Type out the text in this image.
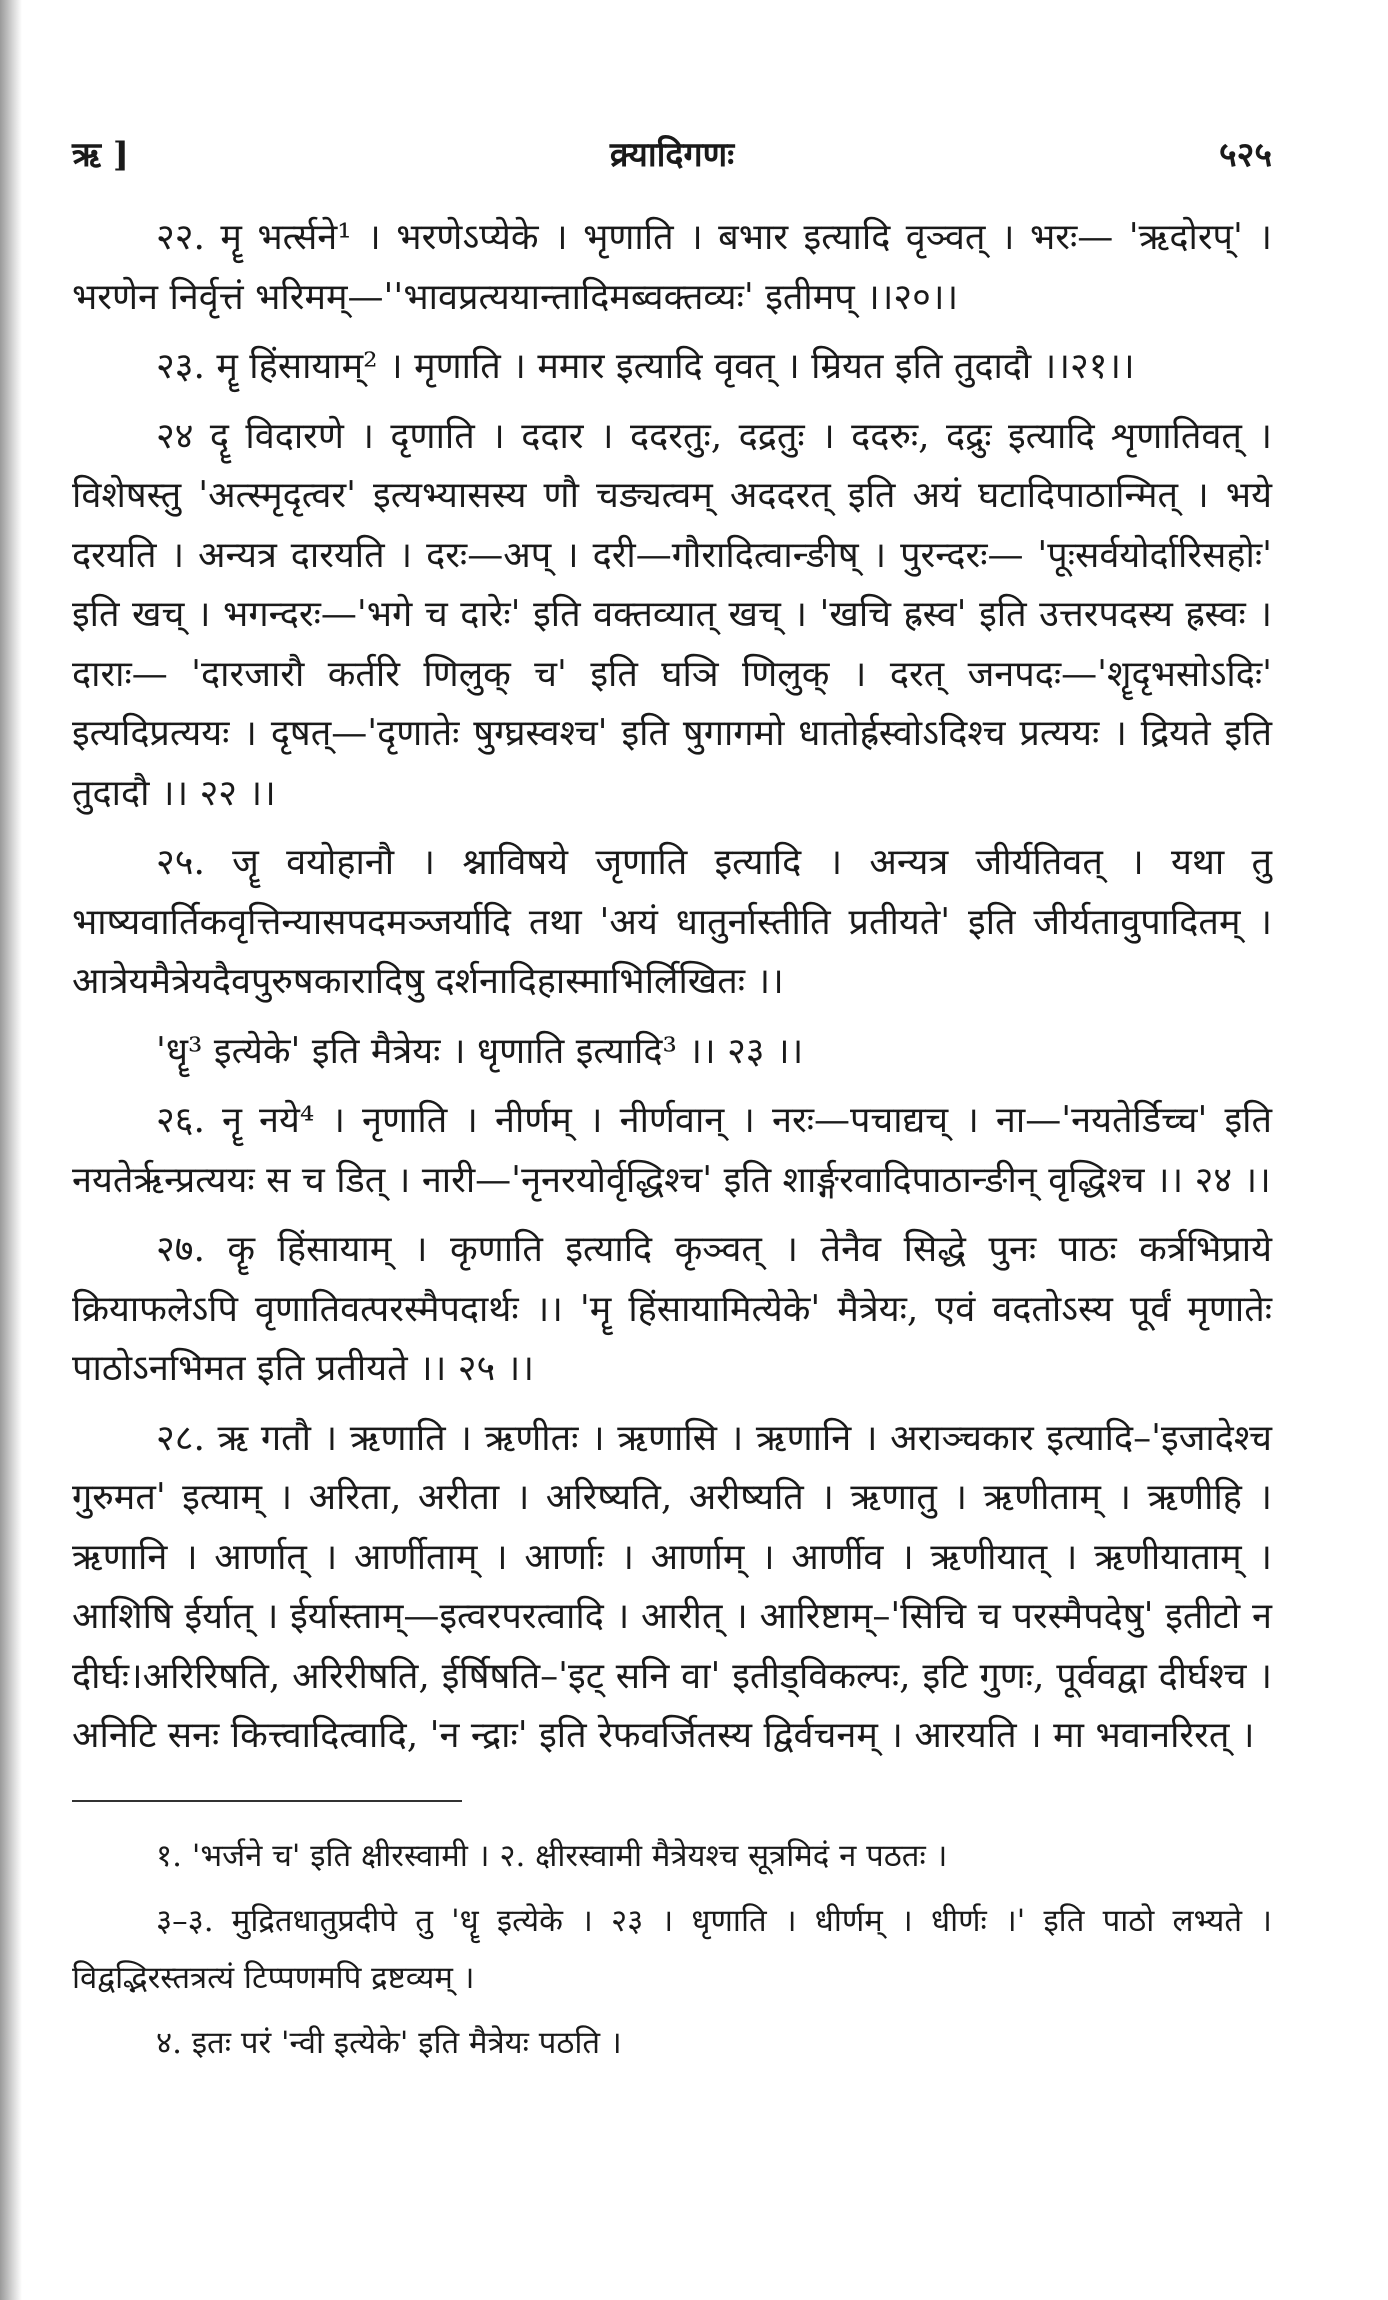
ऋ ]	क्र्यादिगणः	५२५

२२. मॄ भर्त्सने¹ । भरणेऽप्येके । भृणाति । बभार इत्यादि वृञ्वत् । भरः— 'ऋदोरप्' । भरणेन निर्वृत्तं भरिमम्—''भावप्रत्ययान्तादिमब्वक्तव्यः' इतीमप् ।।२०।।

२३. मॄ हिंसायाम्² । मृणाति । ममार इत्यादि वृवत् । म्रियत इति तुदादौ ।।२१।।

२४ दॄ विदारणे । दृणाति । ददार । ददरतुः, दद्रतुः । ददरुः, दद्रुः इत्यादि शृणातिवत् । विशेषस्तु 'अत्स्मृदृत्वर' इत्यभ्यासस्य णौ चङ्यत्वम् अददरत् इति अयं घटादिपाठान्मित् । भये दरयति । अन्यत्र दारयति । दरः—अप् । दरी—गौरादित्वान्ङीष् । पुरन्दरः— 'पूःसर्वयोर्दारिसहोः' इति खच् । भगन्दरः—'भगे च दारेः' इति वक्तव्यात् खच् । 'खचि ह्रस्व' इति उत्तरपदस्य ह्रस्वः । दाराः— 'दारजारौ कर्तरि णिलुक् च' इति घञि णिलुक् । दरत् जनपदः—'शॄदृभसोऽदिः' इत्यदिप्रत्ययः । दृषत्—'दृणातेः षुग्घ्रस्वश्च' इति षुगागमो धातोर्ह्रस्वोऽदिश्च प्रत्ययः । द्रियते इति तुदादौ ।। २२ ।।

२५. जॄ वयोहानौ । श्नाविषये जृणाति इत्यादि । अन्यत्र जीर्यतिवत् । यथा तु भाष्यवार्तिकवृत्तिन्यासपदमञ्जर्यादि तथा 'अयं धातुर्नास्तीति प्रतीयते' इति जीर्यतावुपादितम् । आत्रेयमैत्रेयदैवपुरुषकारादिषु दर्शनादिहास्माभिर्लिखितः ।।

'धॄ³ इत्येके' इति मैत्रेयः । धृणाति इत्यादि³ ।। २३ ।।

२६. नॄ नये⁴ । नृणाति । नीर्णम् । नीर्णवान् । नरः—पचाद्यच् । ना—'नयतेर्डिच्च' इति नयतेर्ऋन्प्रत्ययः स च डित् । नारी—'नृनरयोर्वृद्धिश्च' इति शार्ङ्गरवादिपाठान्ङीन् वृद्धिश्च ।। २४ ।।

२७. कॄ हिंसायाम् । कृणाति इत्यादि कृञ्वत् । तेनैव सिद्धे पुनः पाठः कर्त्रभिप्राये क्रियाफलेऽपि वृणातिवत्परस्मैपदार्थः ।। 'मॄ हिंसायामित्येके' मैत्रेयः, एवं वदतोऽस्य पूर्वं मृणातेः पाठोऽनभिमत इति प्रतीयते ।। २५ ।।

२८. ऋ गतौ । ऋणाति । ऋणीतः । ऋणासि । ऋणानि । अराञ्चकार इत्यादि–'इजादेश्च गुरुमत' इत्याम् । अरिता, अरीता । अरिष्यति, अरीष्यति । ऋणातु । ऋणीताम् । ऋणीहि । ऋणानि । आर्णात् । आर्णीताम् । आर्णाः । आर्णाम् । आर्णीव । ऋणीयात् । ऋणीयाताम् । आशिषि ईर्यात् । ईर्यास्ताम्—इत्वरपरत्वादि । आरीत् । आरिष्टाम्–'सिचि च परस्मैपदेषु' इतीटो न दीर्घः।अरिरिषति, अरिरीषति, ईर्षिषति–'इट् सनि वा' इतीड्विकल्पः, इटि गुणः, पूर्ववद्वा दीर्घश्च । अनिटि सनः कित्त्वादित्वादि, 'न न्द्राः' इति रेफवर्जितस्य द्विर्वचनम् । आरयति । मा भवानरिरत् ।

१. 'भर्जने च' इति क्षीरस्वामी । २. क्षीरस्वामी मैत्रेयश्च सूत्रमिदं न पठतः ।

३–३. मुद्रितधातुप्रदीपे तु 'धॄ इत्येके । २३ । धृणाति । धीर्णम् । धीर्णः ।' इति पाठो लभ्यते । विद्वद्भिरस्तत्रत्यं टिप्पणमपि द्रष्टव्यम् ।

४. इतः परं 'न्वी इत्येके' इति मैत्रेयः पठति ।
